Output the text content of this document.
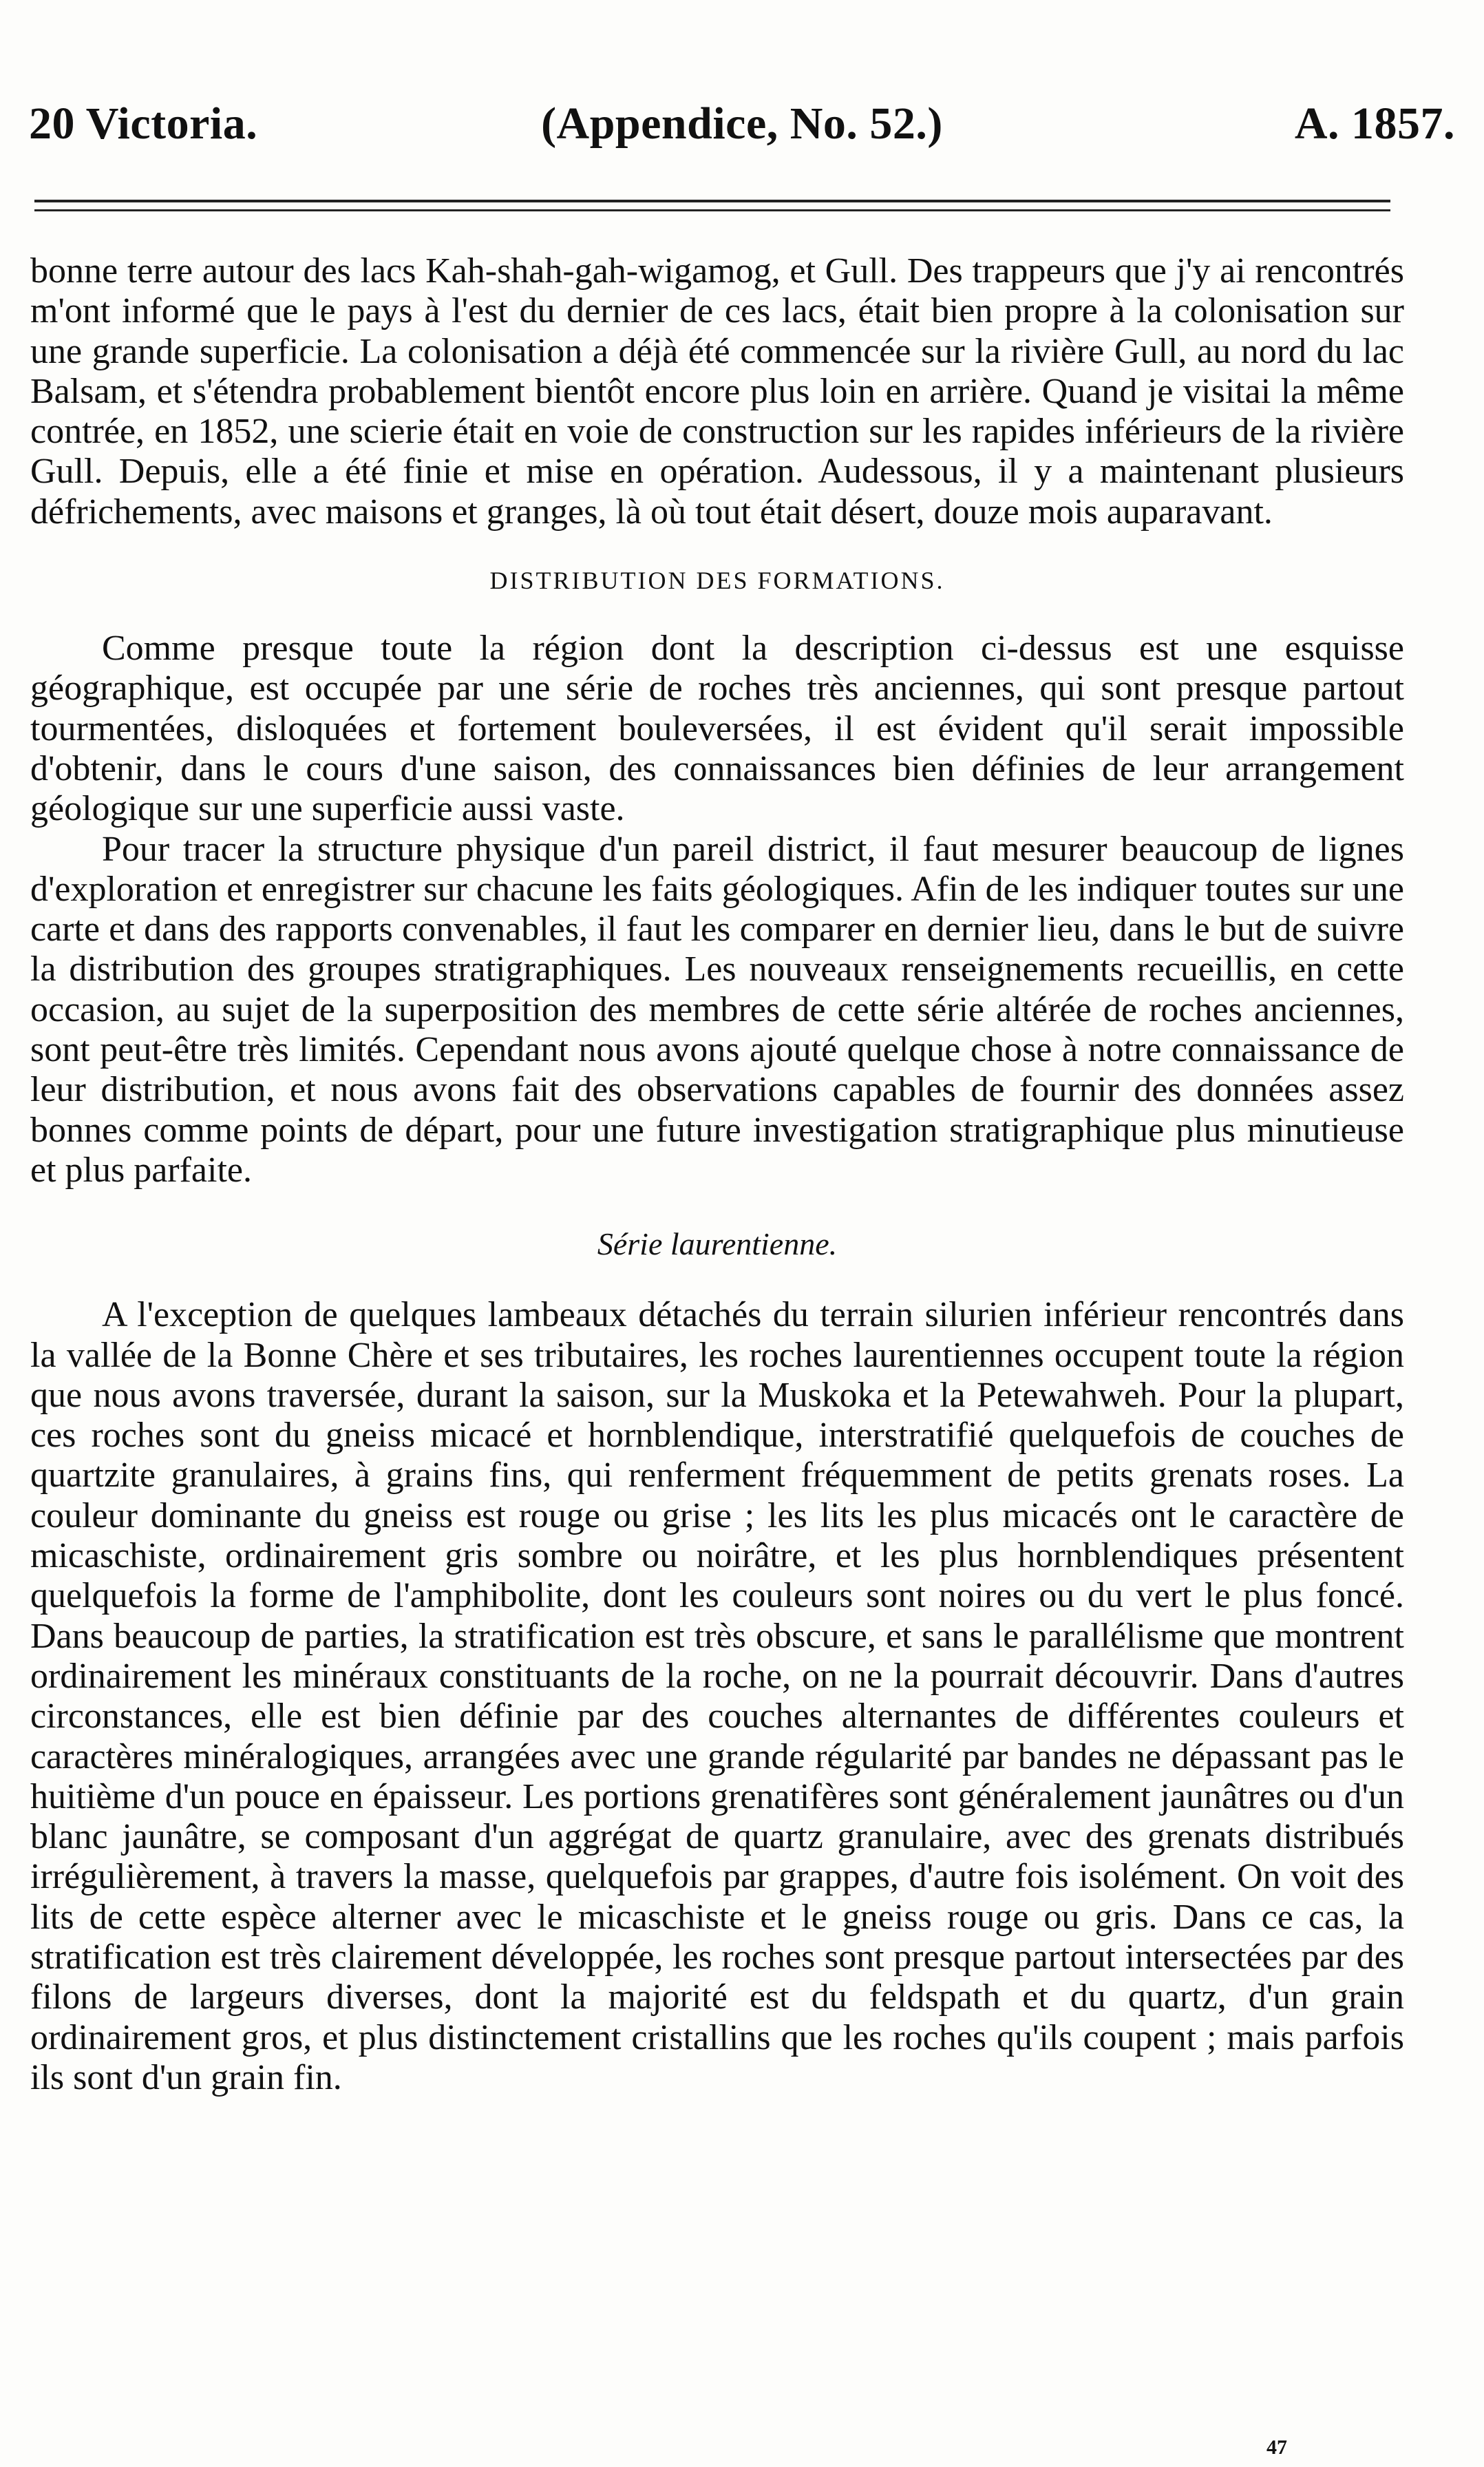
20 Victoria.	(Appendice, No. 52.)	A. 1857.

bonne terre autour des lacs Kah-shah-gah-wigamog, et Gull. Des trappeurs que j'y ai rencontrés m'ont informé que le pays à l'est du dernier de ces lacs, était bien propre à la colonisation sur une grande superficie. La colonisation a déjà été commencée sur la rivière Gull, au nord du lac Balsam, et s'étendra probablement bientôt encore plus loin en arrière. Quand je visitai la même contrée, en 1852, une scierie était en voie de construction sur les rapides inférieurs de la rivière Gull. Depuis, elle a été finie et mise en opération. Audessous, il y a maintenant plusieurs défrichements, avec maisons et granges, là où tout était désert, douze mois auparavant.

DISTRIBUTION DES FORMATIONS.

Comme presque toute la région dont la description ci-dessus est une esquisse géographique, est occupée par une série de roches très anciennes, qui sont presque partout tourmentées, disloquées et fortement bouleversées, il est évident qu'il serait impossible d'obtenir, dans le cours d'une saison, des connaissances bien définies de leur arrangement géologique sur une superficie aussi vaste.

Pour tracer la structure physique d'un pareil district, il faut mesurer beaucoup de lignes d'exploration et enregistrer sur chacune les faits géologiques. Afin de les indiquer toutes sur une carte et dans des rapports convenables, il faut les comparer en dernier lieu, dans le but de suivre la distribution des groupes stratigraphiques. Les nouveaux renseignements recueillis, en cette occasion, au sujet de la superposition des membres de cette série altérée de roches anciennes, sont peut-être très limités. Cependant nous avons ajouté quelque chose à notre connaissance de leur distribution, et nous avons fait des observations capables de fournir des données assez bonnes comme points de départ, pour une future investigation stratigraphique plus minutieuse et plus parfaite.

Série laurentienne.

A l'exception de quelques lambeaux détachés du terrain silurien inférieur rencontrés dans la vallée de la Bonne Chère et ses tributaires, les roches laurentiennes occupent toute la région que nous avons traversée, durant la saison, sur la Muskoka et la Petewahweh. Pour la plupart, ces roches sont du gneiss micacé et hornblendique, interstratifié quelquefois de couches de quartzite granulaires, à grains fins, qui renferment fréquemment de petits grenats roses. La couleur dominante du gneiss est rouge ou grise ; les lits les plus micacés ont le caractère de micaschiste, ordinairement gris sombre ou noirâtre, et les plus hornblendiques présentent quelquefois la forme de l'amphibolite, dont les couleurs sont noires ou du vert le plus foncé. Dans beaucoup de parties, la stratification est très obscure, et sans le parallélisme que montrent ordinairement les minéraux constituants de la roche, on ne la pourrait découvrir. Dans d'autres circonstances, elle est bien définie par des couches alternantes de différentes couleurs et caractères minéralogiques, arrangées avec une grande régularité par bandes ne dépassant pas le huitième d'un pouce en épaisseur. Les portions grenatifères sont généralement jaunâtres ou d'un blanc jaunâtre, se composant d'un aggrégat de quartz granulaire, avec des grenats distribués irrégulièrement, à travers la masse, quelquefois par grappes, d'autre fois isolément. On voit des lits de cette espèce alterner avec le micaschiste et le gneiss rouge ou gris. Dans ce cas, la stratification est très clairement développée, les roches sont presque partout intersectées par des filons de largeurs diverses, dont la majorité est du feldspath et du quartz, d'un grain ordinairement gros, et plus distinctement cristallins que les roches qu'ils coupent ; mais parfois ils sont d'un grain fin.

47
